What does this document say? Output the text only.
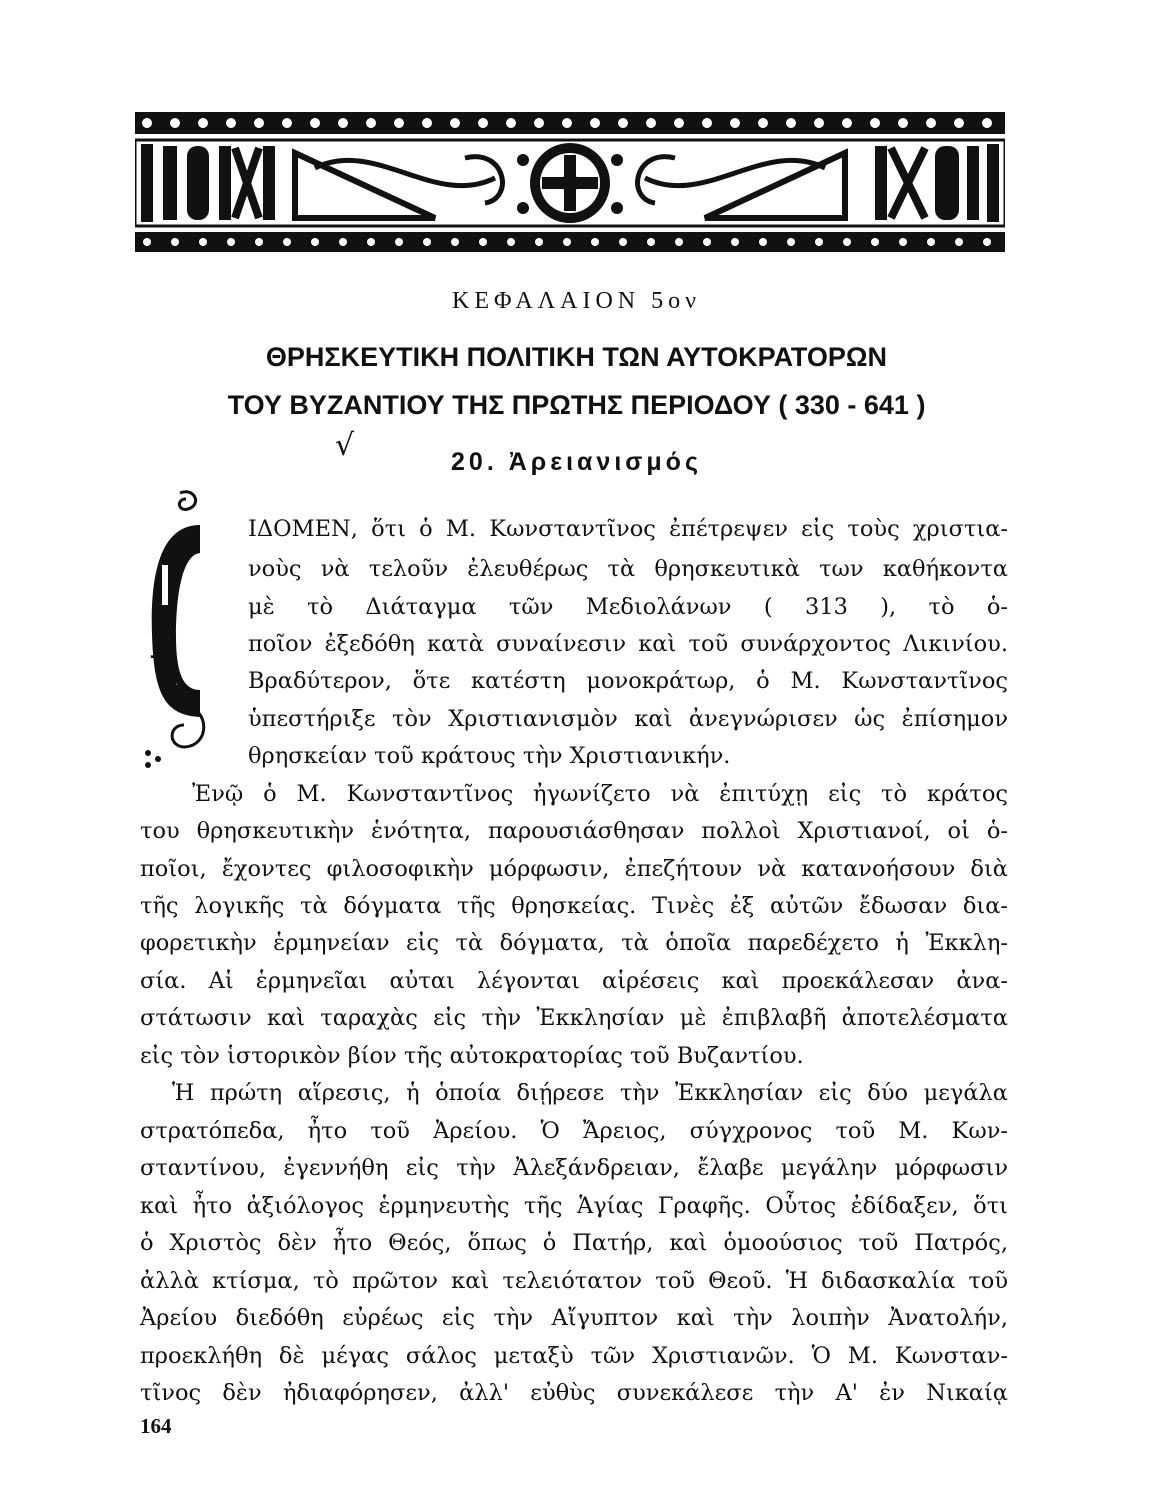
ΚΕΦΑΛΑΙΟΝ 5ον
ΘΡΗΣΚΕΥΤΙΚΗ ΠΟΛΙΤΙΚΗ ΤΩΝ ΑΥΤΟΚΡΑΤΟΡΩΝ
ΤΟΥ ΒΥΖΑΝΤΙΟΥ ΤΗΣ ΠΡΩΤΗΣ ΠΕΡΙΟΔΟΥ ( 330 - 641 )
√	20. Ἀρειανισμός
#
Ε
ΙΔΟΜΕΝ, ὅτι ὁ Μ. Κωνσταντῖνος ἐπέτρεψεν εἰς τοὺς χριστια-
νοὺς νὰ τελοῦν ἐλευθέρως τὰ θρησκευτικὰ των καθήκοντα
μὲ τὸ Διάταγμα τῶν Μεδιολάνων ( 313 ), τὸ ὁ-
ποῖον ἐξεδόθη κατὰ συναίνεσιν καὶ τοῦ συνάρχοντος Λικινίου.
Βραδύτερον, ὅτε κατέστη μονοκράτωρ, ὁ Μ. Κωνσταντῖνος
ὑπεστήριξε τὸν Χριστιανισμὸν καὶ ἀνεγνώρισεν ὡς ἐπίσημον
θρησκείαν τοῦ κράτους τὴν Χριστιανικήν.
Ἐνῷ ὁ Μ. Κωνσταντῖνος ἠγωνίζετο νὰ ἐπιτύχῃ εἰς τὸ κράτος
του θρησκευτικὴν ἑνότητα, παρουσιάσθησαν πολλοὶ Χριστιανοί, οἱ ὁ-
ποῖοι, ἔχοντες φιλοσοφικὴν μόρφωσιν, ἐπεζήτουν νὰ κατανοήσουν διὰ
τῆς λογικῆς τὰ δόγματα τῆς θρησκείας. Τινὲς ἐξ αὐτῶν ἔδωσαν δια-
φορετικὴν ἑρμηνείαν εἰς τὰ δόγματα, τὰ ὁποῖα παρεδέχετο ἡ Ἐκκλη-
σία. Αἱ ἑρμηνεῖαι αὐται λέγονται αἱρέσεις καὶ προεκάλεσαν ἀνα-
στάτωσιν καὶ ταραχὰς εἰς τὴν Ἐκκλησίαν μὲ ἐπιβλαβῆ ἀποτελέσματα
εἰς τὸν ἱστορικὸν βίον τῆς αὐτοκρατορίας τοῦ Βυζαντίου.
Ἡ πρώτη αἵρεσις, ἡ ὁποία διῄρεσε τὴν Ἐκκλησίαν εἰς δύο μεγάλα
στρατόπεδα, ἦτο τοῦ Ἀρείου. Ὁ Ἄρειος, σύγχρονος τοῦ Μ. Κων-
σταντίνου, ἐγεννήθη εἰς τὴν Ἀλεξάνδρειαν, ἔλαβε μεγάλην μόρφωσιν
καὶ ἦτο ἀξιόλογος ἑρμηνευτὴς τῆς Ἁγίας Γραφῆς. Οὗτος ἐδίδαξεν, ὅτι
ὁ Χριστὸς δὲν ἦτο Θεός, ὅπως ὁ Πατήρ, καὶ ὁμοούσιος τοῦ Πατρός,
ἀλλὰ κτίσμα, τὸ πρῶτον καὶ τελειότατον τοῦ Θεοῦ. Ἡ διδασκαλία τοῦ
Ἀρείου διεδόθη εὐρέως εἰς τὴν Αἴγυπτον καὶ τὴν λοιπὴν Ἀνατολήν,
προεκλήθη δὲ μέγας σάλος μεταξὺ τῶν Χριστιανῶν. Ὁ Μ. Κωνσταν-
τῖνος δὲν ἠδιαφόρησεν, ἀλλ' εὐθὺς συνεκάλεσε τὴν Α' ἐν Νικαίᾳ
164
